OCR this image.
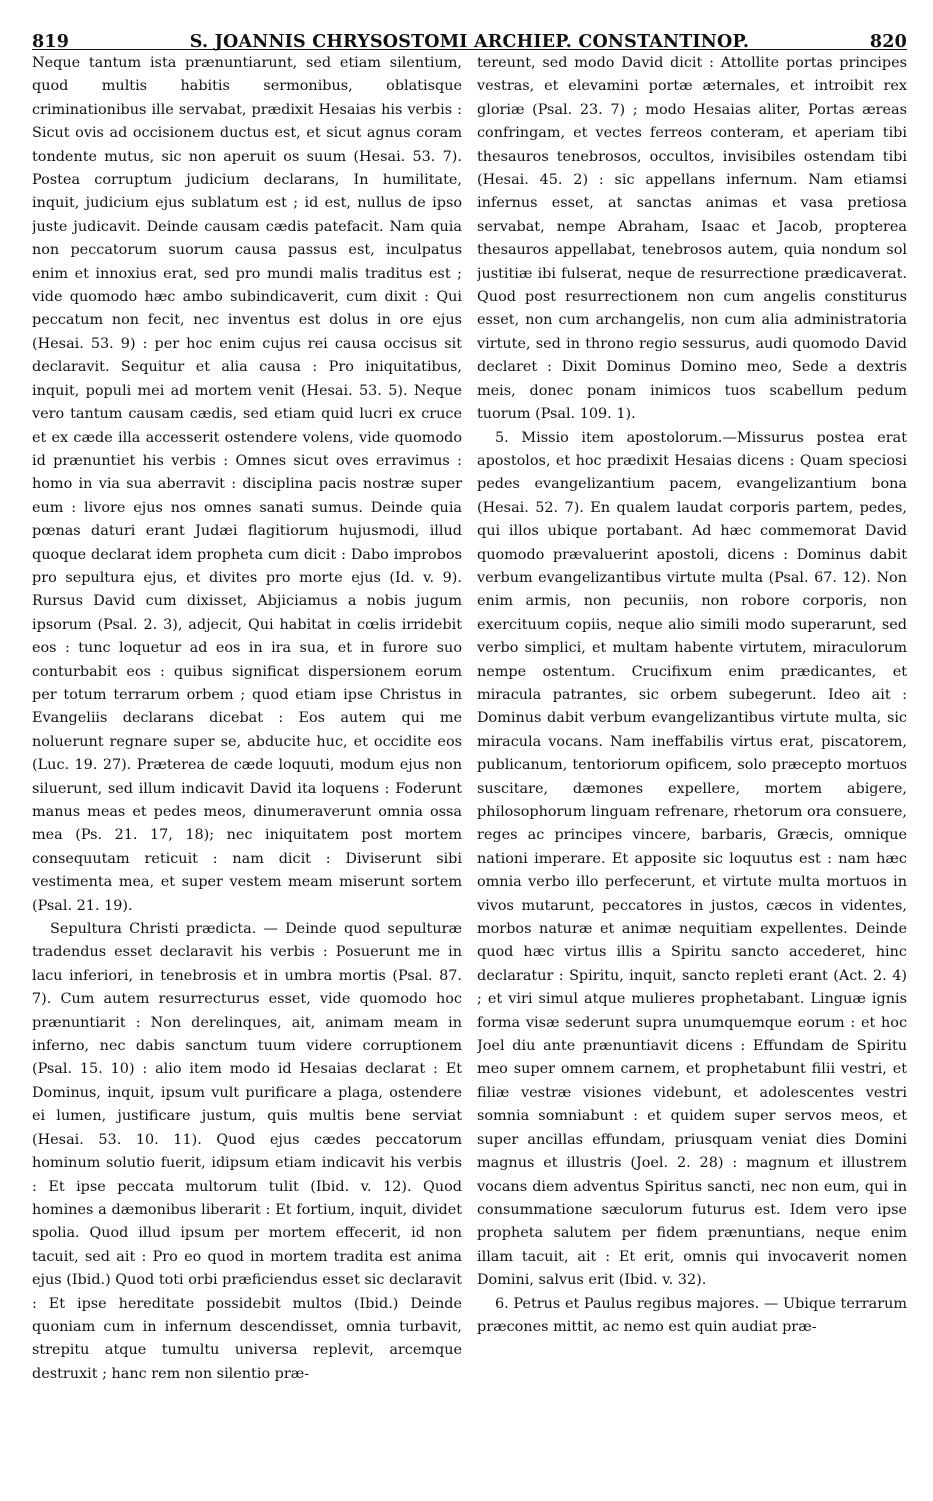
819	S. JOANNIS CHRYSOSTOMI ARCHIEP. CONSTANTINOP.	820

Neque tantum ista prænuntiarunt, sed etiam silentium, quod multis habitis sermonibus, oblatisque criminationibus ille servabat, prædixit Hesaias his verbis : Sicut ovis ad occisionem ductus est, et sicut agnus coram tondente mutus, sic non aperuit os suum (Hesai. 53. 7). Postea corruptum judicium declarans, In humilitate, inquit, judicium ejus sublatum est ; id est, nullus de ipso juste judicavit. Deinde causam cædis patefacit. Nam quia non peccatorum suorum causa passus est, inculpatus enim et innoxius erat, sed pro mundi malis traditus est ; vide quomodo hæc ambo subindicaverit, cum dixit : Qui peccatum non fecit, nec inventus est dolus in ore ejus (Hesai. 53. 9) : per hoc enim cujus rei causa occisus sit declaravit. Sequitur et alia causa : Pro iniquitatibus, inquit, populi mei ad mortem venit (Hesai. 53. 5). Neque vero tantum causam cædis, sed etiam quid lucri ex cruce et ex cæde illa accesserit ostendere volens, vide quomodo id prænuntiet his verbis : Omnes sicut oves erravimus : homo in via sua aberravit : disciplina pacis nostræ super eum : livore ejus nos omnes sanati sumus. Deinde quia pœnas daturi erant Judæi flagitiorum hujusmodi, illud quoque declarat idem propheta cum dicit : Dabo improbos pro sepultura ejus, et divites pro morte ejus (Id. v. 9). Rursus David cum dixisset, Abjiciamus a nobis jugum ipsorum (Psal. 2. 3), adjecit, Qui habitat in cœlis irridebit eos : tunc loquetur ad eos in ira sua, et in furore suo conturbabit eos : quibus significat dispersionem eorum per totum terrarum orbem ; quod etiam ipse Christus in Evangeliis declarans dicebat : Eos autem qui me noluerunt regnare super se, abducite huc, et occidite eos (Luc. 19. 27). Præterea de cæde loquuti, modum ejus non siluerunt, sed illum indicavit David ita loquens : Foderunt manus meas et pedes meos, dinumeraverunt omnia ossa mea (Ps. 21. 17, 18); nec iniquitatem post mortem consequutam reticuit : nam dicit : Diviserunt sibi vestimenta mea, et super vestem meam miserunt sortem (Psal. 21. 19).

Sepultura Christi prædicta. — Deinde quod sepulturæ tradendus esset declaravit his verbis : Posuerunt me in lacu inferiori, in tenebrosis et in umbra mortis (Psal. 87. 7). Cum autem resurrecturus esset, vide quomodo hoc prænuntiarit : Non derelinques, ait, animam meam in inferno, nec dabis sanctum tuum videre corruptionem (Psal. 15. 10) : alio item modo id Hesaias declarat : Et Dominus, inquit, ipsum vult purificare a plaga, ostendere ei lumen, justificare justum, quis multis bene serviat (Hesai. 53. 10. 11). Quod ejus cædes peccatorum hominum solutio fuerit, idipsum etiam indicavit his verbis : Et ipse peccata multorum tulit (Ibid. v. 12). Quod homines a dæmonibus liberarit : Et fortium, inquit, dividet spolia. Quod illud ipsum per mortem effecerit, id non tacuit, sed ait : Pro eo quod in mortem tradita est anima ejus (Ibid.) Quod toti orbi præficiendus esset sic declaravit : Et ipse hereditate possidebit multos (Ibid.) Deinde quoniam cum in infernum descendisset, omnia turbavit, strepitu atque tumultu universa replevit, arcemque destruxit ; hanc rem non silentio præ-

tereunt, sed modo David dicit : Attollite portas principes vestras, et elevamini portæ æternales, et introibit rex gloriæ (Psal. 23. 7) ; modo Hesaias aliter, Portas æreas confringam, et vectes ferreos conteram, et aperiam tibi thesauros tenebrosos, occultos, invisibiles ostendam tibi (Hesai. 45. 2) : sic appellans infernum. Nam etiamsi infernus esset, at sanctas animas et vasa pretiosa servabat, nempe Abraham, Isaac et Jacob, propterea thesauros appellabat, tenebrosos autem, quia nondum sol justitiæ ibi fulserat, neque de resurrectione prædicaverat. Quod post resurrectionem non cum angelis constiturus esset, non cum archangelis, non cum alia administratoria virtute, sed in throno regio sessurus, audi quomodo David declaret : Dixit Dominus Domino meo, Sede a dextris meis, donec ponam inimicos tuos scabellum pedum tuorum (Psal. 109. 1).

5. Missio item apostolorum.—Missurus postea erat apostolos, et hoc prædixit Hesaias dicens : Quam speciosi pedes evangelizantium pacem, evangelizantium bona (Hesai. 52. 7). En qualem laudat corporis partem, pedes, qui illos ubique portabant. Ad hæc commemorat David quomodo prævaluerint apostoli, dicens : Dominus dabit verbum evangelizantibus virtute multa (Psal. 67. 12). Non enim armis, non pecuniis, non robore corporis, non exercituum copiis, neque alio simili modo superarunt, sed verbo simplici, et multam habente virtutem, miraculorum nempe ostentum. Crucifixum enim prædicantes, et miracula patrantes, sic orbem subegerunt. Ideo ait : Dominus dabit verbum evangelizantibus virtute multa, sic miracula vocans. Nam ineffabilis virtus erat, piscatorem, publicanum, tentoriorum opificem, solo præcepto mortuos suscitare, dæmones expellere, mortem abigere, philosophorum linguam refrenare, rhetorum ora consuere, reges ac principes vincere, barbaris, Græcis, omnique nationi imperare. Et apposite sic loquutus est : nam hæc omnia verbo illo perfecerunt, et virtute multa mortuos in vivos mutarunt, peccatores in justos, cæcos in videntes, morbos naturæ et animæ nequitiam expellentes. Deinde quod hæc virtus illis a Spiritu sancto accederet, hinc declaratur : Spiritu, inquit, sancto repleti erant (Act. 2. 4) ; et viri simul atque mulieres prophetabant. Linguæ ignis forma visæ sederunt supra unumquemque eorum : et hoc Joel diu ante prænuntiavit dicens : Effundam de Spiritu meo super omnem carnem, et prophetabunt filii vestri, et filiæ vestræ visiones videbunt, et adolescentes vestri somnia somniabunt : et quidem super servos meos, et super ancillas effundam, priusquam veniat dies Domini magnus et illustris (Joel. 2. 28) : magnum et illustrem vocans diem adventus Spiritus sancti, nec non eum, qui in consummatione sæculorum futurus est. Idem vero ipse propheta salutem per fidem prænuntians, neque enim illam tacuit, ait : Et erit, omnis qui invocaverit nomen Domini, salvus erit (Ibid. v. 32).

6. Petrus et Paulus regibus majores. — Ubique terrarum præcones mittit, ac nemo est quin audiat præ-
